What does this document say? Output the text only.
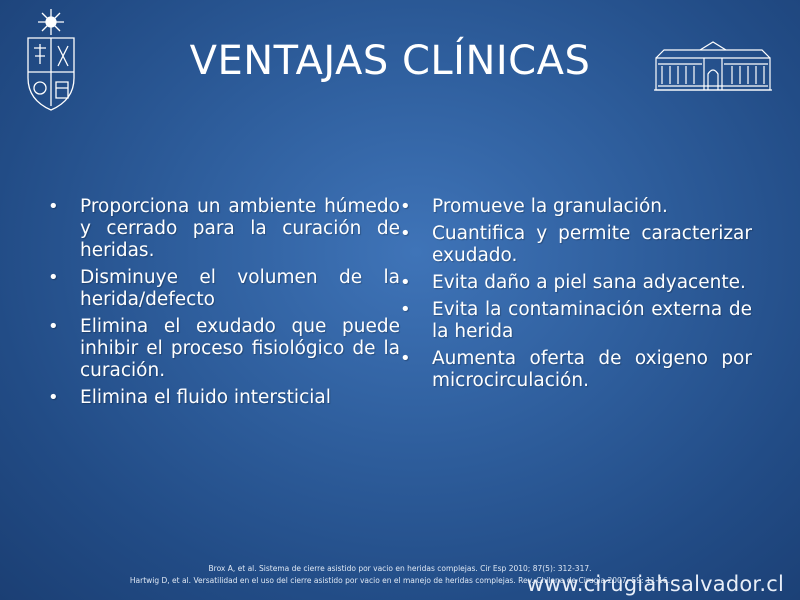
VENTAJAS CLÍNICAS
• Proporciona un ambiente húmedo y cerrado para la curación de heridas.
• Disminuye el volumen de la herida/defecto
• Elimina el exudado que puede inhibir el proceso fisiológico de la curación.
• Elimina el fluido intersticial
• Promueve la granulación.
• Cuantifica y permite caracterizar exudado.
• Evita daño a piel sana adyacente.
• Evita la contaminación externa de la herida
• Aumenta oferta de oxigeno por microcirculación.
Brox A, et al. Sistema de cierre asistido por vacio en heridas complejas. Cir Esp 2010; 87(5): 312-317.
Hartwig D, et al. Versatilidad en el uso del cierre asistido por vacio en el manejo de heridas complejas. Rev. Chilena de Cirugia 2007; 59: 11-16.
www.cirugiahsalvador.cl
